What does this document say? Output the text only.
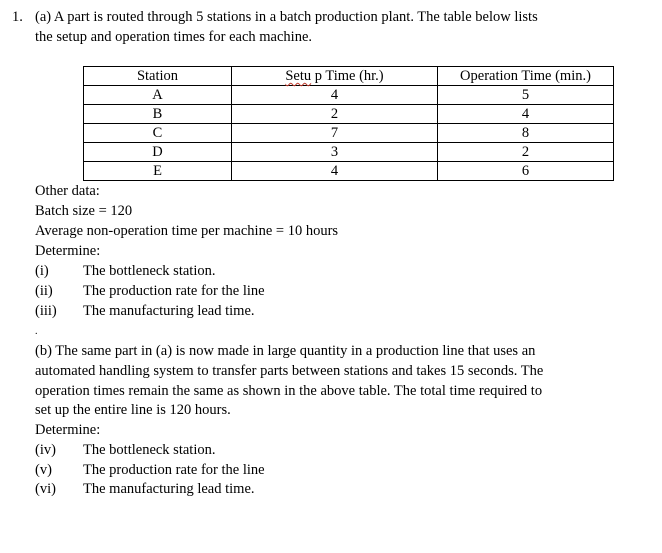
1. (a) A part is routed through 5 stations in a batch production plant. The table below lists
the setup and operation times for each machine.
Station	Setu p Time (hr.)	Operation Time (min.)
A	4	5
B	2	4
C	7	8
D	3	2
E	4	6
Other data:
Batch size = 120
Average non-operation time per machine = 10 hours
Determine:
(i)	The bottleneck station.
(ii)	The production rate for the line
(iii)	The manufacturing lead time.
.
(b) The same part in (a) is now made in large quantity in a production line that uses an
automated handling system to transfer parts between stations and takes 15 seconds. The
operation times remain the same as shown in the above table. The total time required to
set up the entire line is 120 hours.
Determine:
(iv)	The bottleneck station.
(v)	The production rate for the line
(vi)	The manufacturing lead time.
